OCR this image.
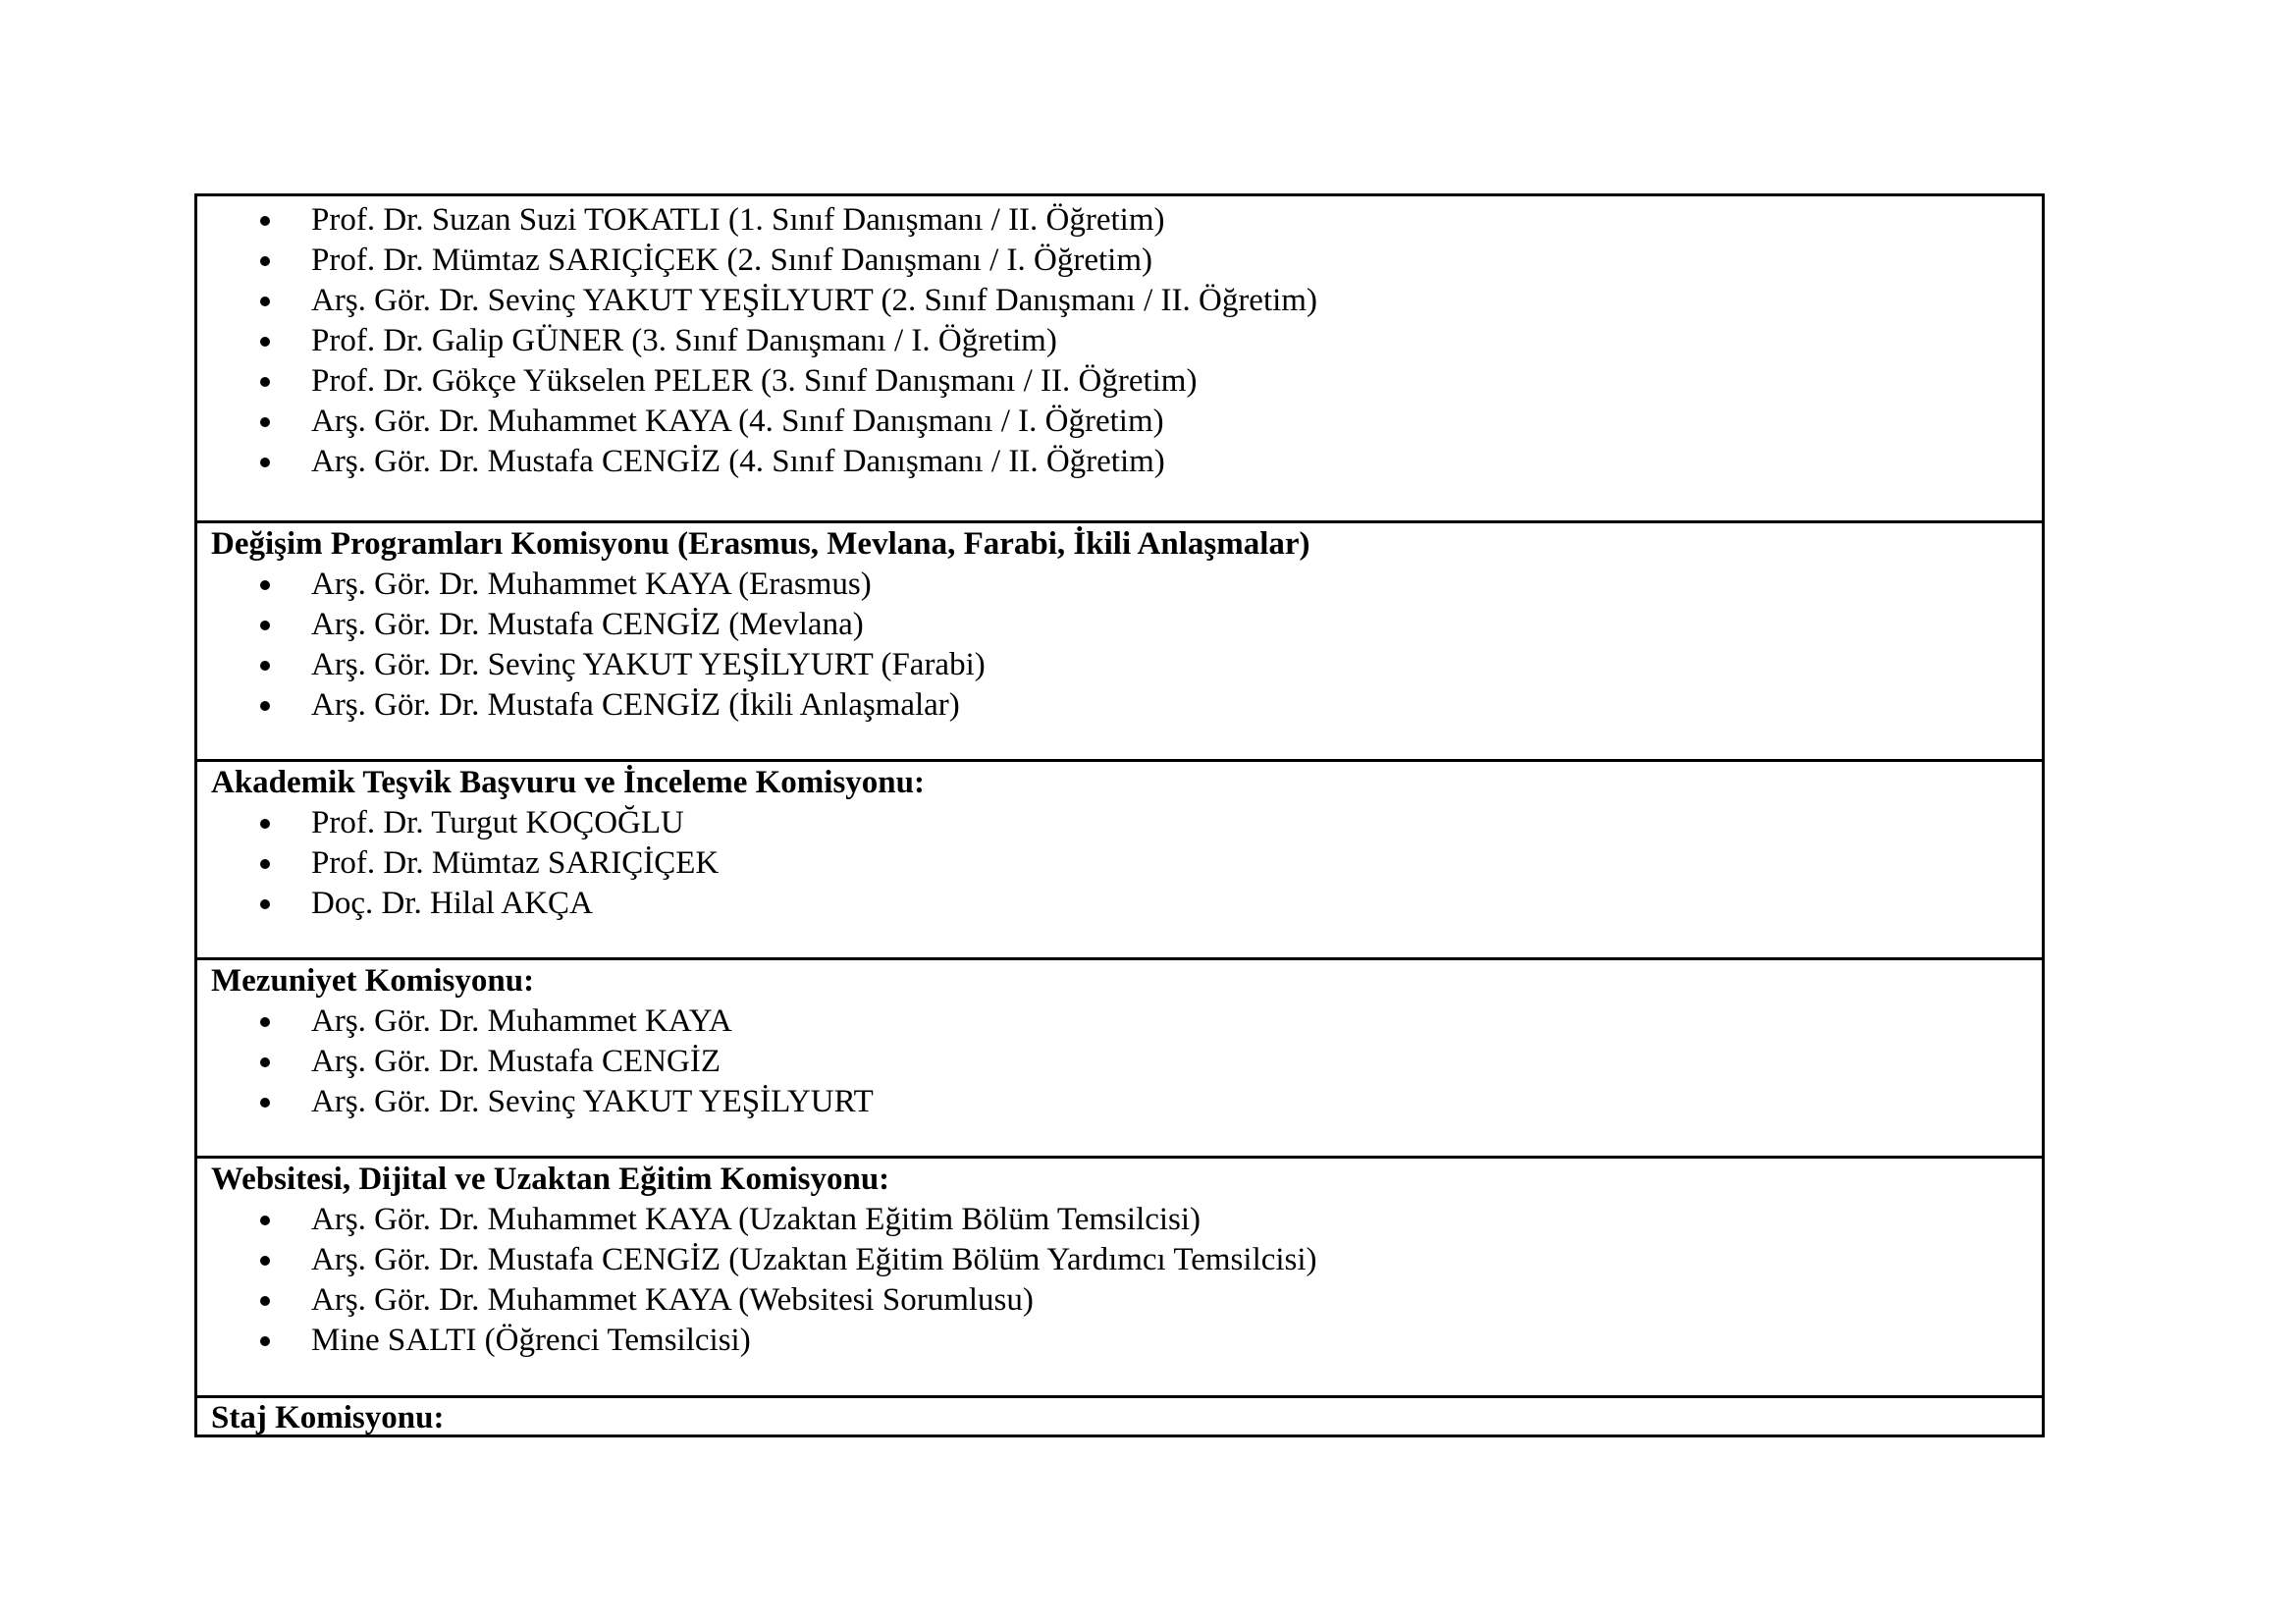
Prof. Dr. Suzan Suzi TOKATLI (1. Sınıf Danışmanı / II. Öğretim)
Prof. Dr. Mümtaz SARIÇİÇEK (2. Sınıf Danışmanı / I. Öğretim)
Arş. Gör. Dr. Sevinç YAKUT YEŞİLYURT (2. Sınıf Danışmanı / II. Öğretim)
Prof. Dr. Galip GÜNER (3. Sınıf Danışmanı / I. Öğretim)
Prof. Dr. Gökçe Yükselen PELER (3. Sınıf Danışmanı / II. Öğretim)
Arş. Gör. Dr. Muhammet KAYA (4. Sınıf Danışmanı / I. Öğretim)
Arş. Gör. Dr. Mustafa CENGİZ (4. Sınıf Danışmanı / II. Öğretim)
Değişim Programları Komisyonu (Erasmus, Mevlana, Farabi, İkili Anlaşmalar)
Arş. Gör. Dr. Muhammet KAYA (Erasmus)
Arş. Gör. Dr. Mustafa CENGİZ (Mevlana)
Arş. Gör. Dr. Sevinç YAKUT YEŞİLYURT (Farabi)
Arş. Gör. Dr. Mustafa CENGİZ (İkili Anlaşmalar)
Akademik Teşvik Başvuru ve İnceleme Komisyonu:
Prof. Dr. Turgut KOÇOĞLU
Prof. Dr. Mümtaz SARIÇİÇEK
Doç. Dr. Hilal AKÇA
Mezuniyet Komisyonu:
Arş. Gör. Dr. Muhammet KAYA
Arş. Gör. Dr. Mustafa CENGİZ
Arş. Gör. Dr. Sevinç YAKUT YEŞİLYURT
Websitesi, Dijital ve Uzaktan Eğitim Komisyonu:
Arş. Gör. Dr. Muhammet KAYA (Uzaktan Eğitim Bölüm Temsilcisi)
Arş. Gör. Dr. Mustafa CENGİZ (Uzaktan Eğitim Bölüm Yardımcı Temsilcisi)
Arş. Gör. Dr. Muhammet KAYA (Websitesi Sorumlusu)
Mine SALTI (Öğrenci Temsilcisi)
Staj Komisyonu:
